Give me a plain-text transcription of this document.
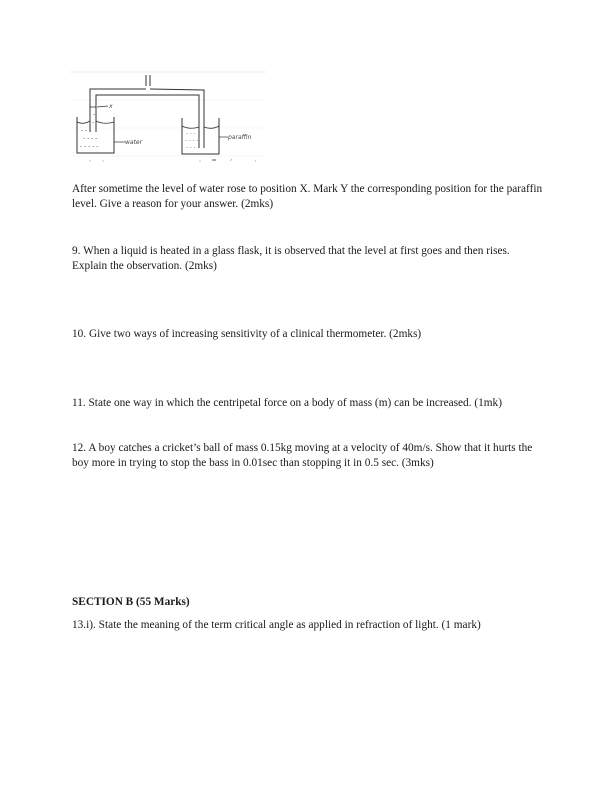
-
-
x
- - -
- - - -
- - - - -
water
· · ·
· · · ·
· · · ·
paraffin

After sometime the level of water rose to position X. Mark Y the corresponding position for the paraffin level. Give a reason for your answer. (2mks)

9. When a liquid is heated in a glass flask, it is observed that the level at first goes and then rises. Explain the observation. (2mks)

10. Give two ways of increasing sensitivity of a clinical thermometer. (2mks)

11. State one way in which the centripetal force on a body of mass (m) can be increased. (1mk)

12. A boy catches a cricket’s ball of mass 0.15kg moving at a velocity of 40m/s. Show that it hurts the boy more in trying to stop the bass in 0.01sec than stopping it in 0.5 sec. (3mks)

SECTION B (55 Marks)

13.i). State the meaning of the term critical angle as applied in refraction of light. (1 mark)
